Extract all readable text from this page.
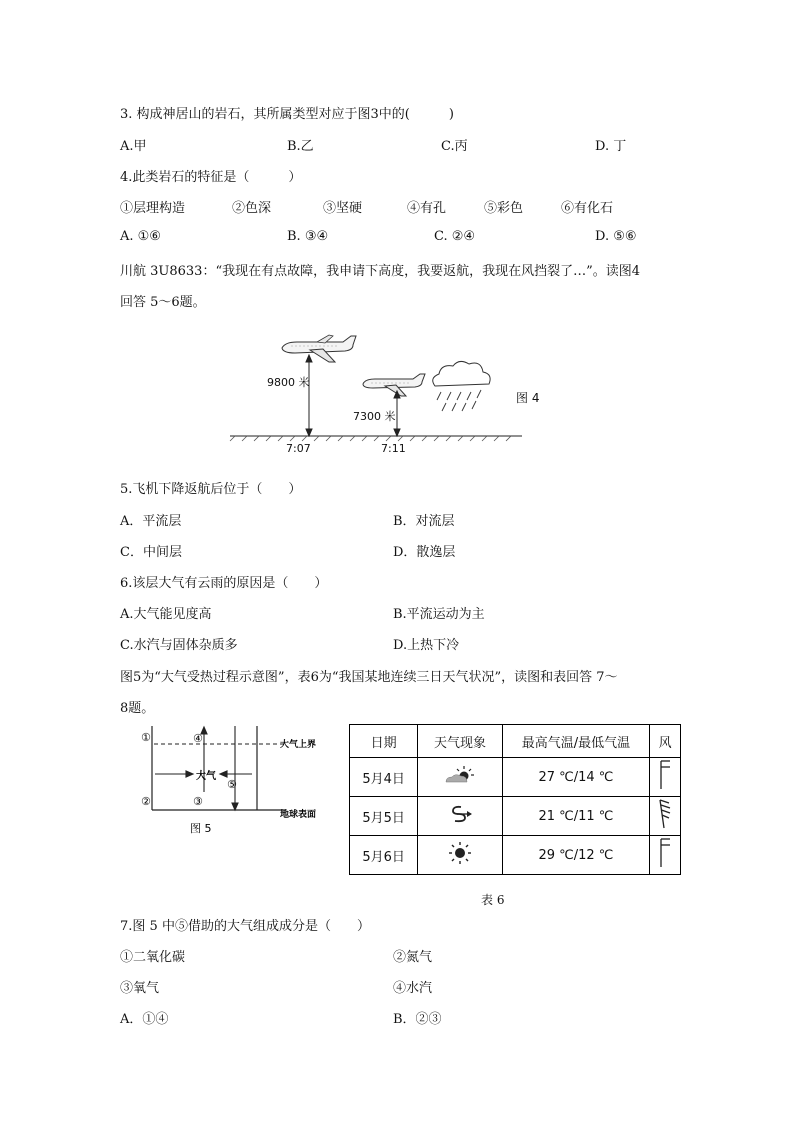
3. 构成神居山的岩石，其所属类型对应于图3中的(　　　)
A.甲	B.乙	C.丙	D. 丁
4.此类岩石的特征是（　　　）
①层理构造	②色深	③坚硬	④有孔	⑤彩色	⑥有化石
A. ①⑥	B. ③④	C. ②④	D. ⑤⑥
川航 3U8633：“我现在有点故障，我申请下高度，我要返航，我现在风挡裂了…”。读图4
回答 5～6题。
9800 米
7300 米
7:07	7:11
图 4
5.飞机下降返航后位于（　　）
A．平流层	B．对流层
C．中间层	D．散逸层
6.该层大气有云雨的原因是（　　）
A.大气能见度高	B.平流运动为主
C.水汽与固体杂质多	D.上热下冷
图5为“大气受热过程示意图”，表6为“我国某地连续三日天气状况”，读图和表回答 7～
8题。
①
②	③
④
⑤
大气
大气上界
地球表面
图 5
日期	天气现象	最高气温/最低气温	风
5月4日		27 ℃/14 ℃	
5月5日		21 ℃/11 ℃	
5月6日		29 ℃/12 ℃	
表 6
7.图 5 中⑤借助的大气组成成分是（　　）
①二氧化碳	②氮气
③氧气	④水汽
A．①④	B．②③
